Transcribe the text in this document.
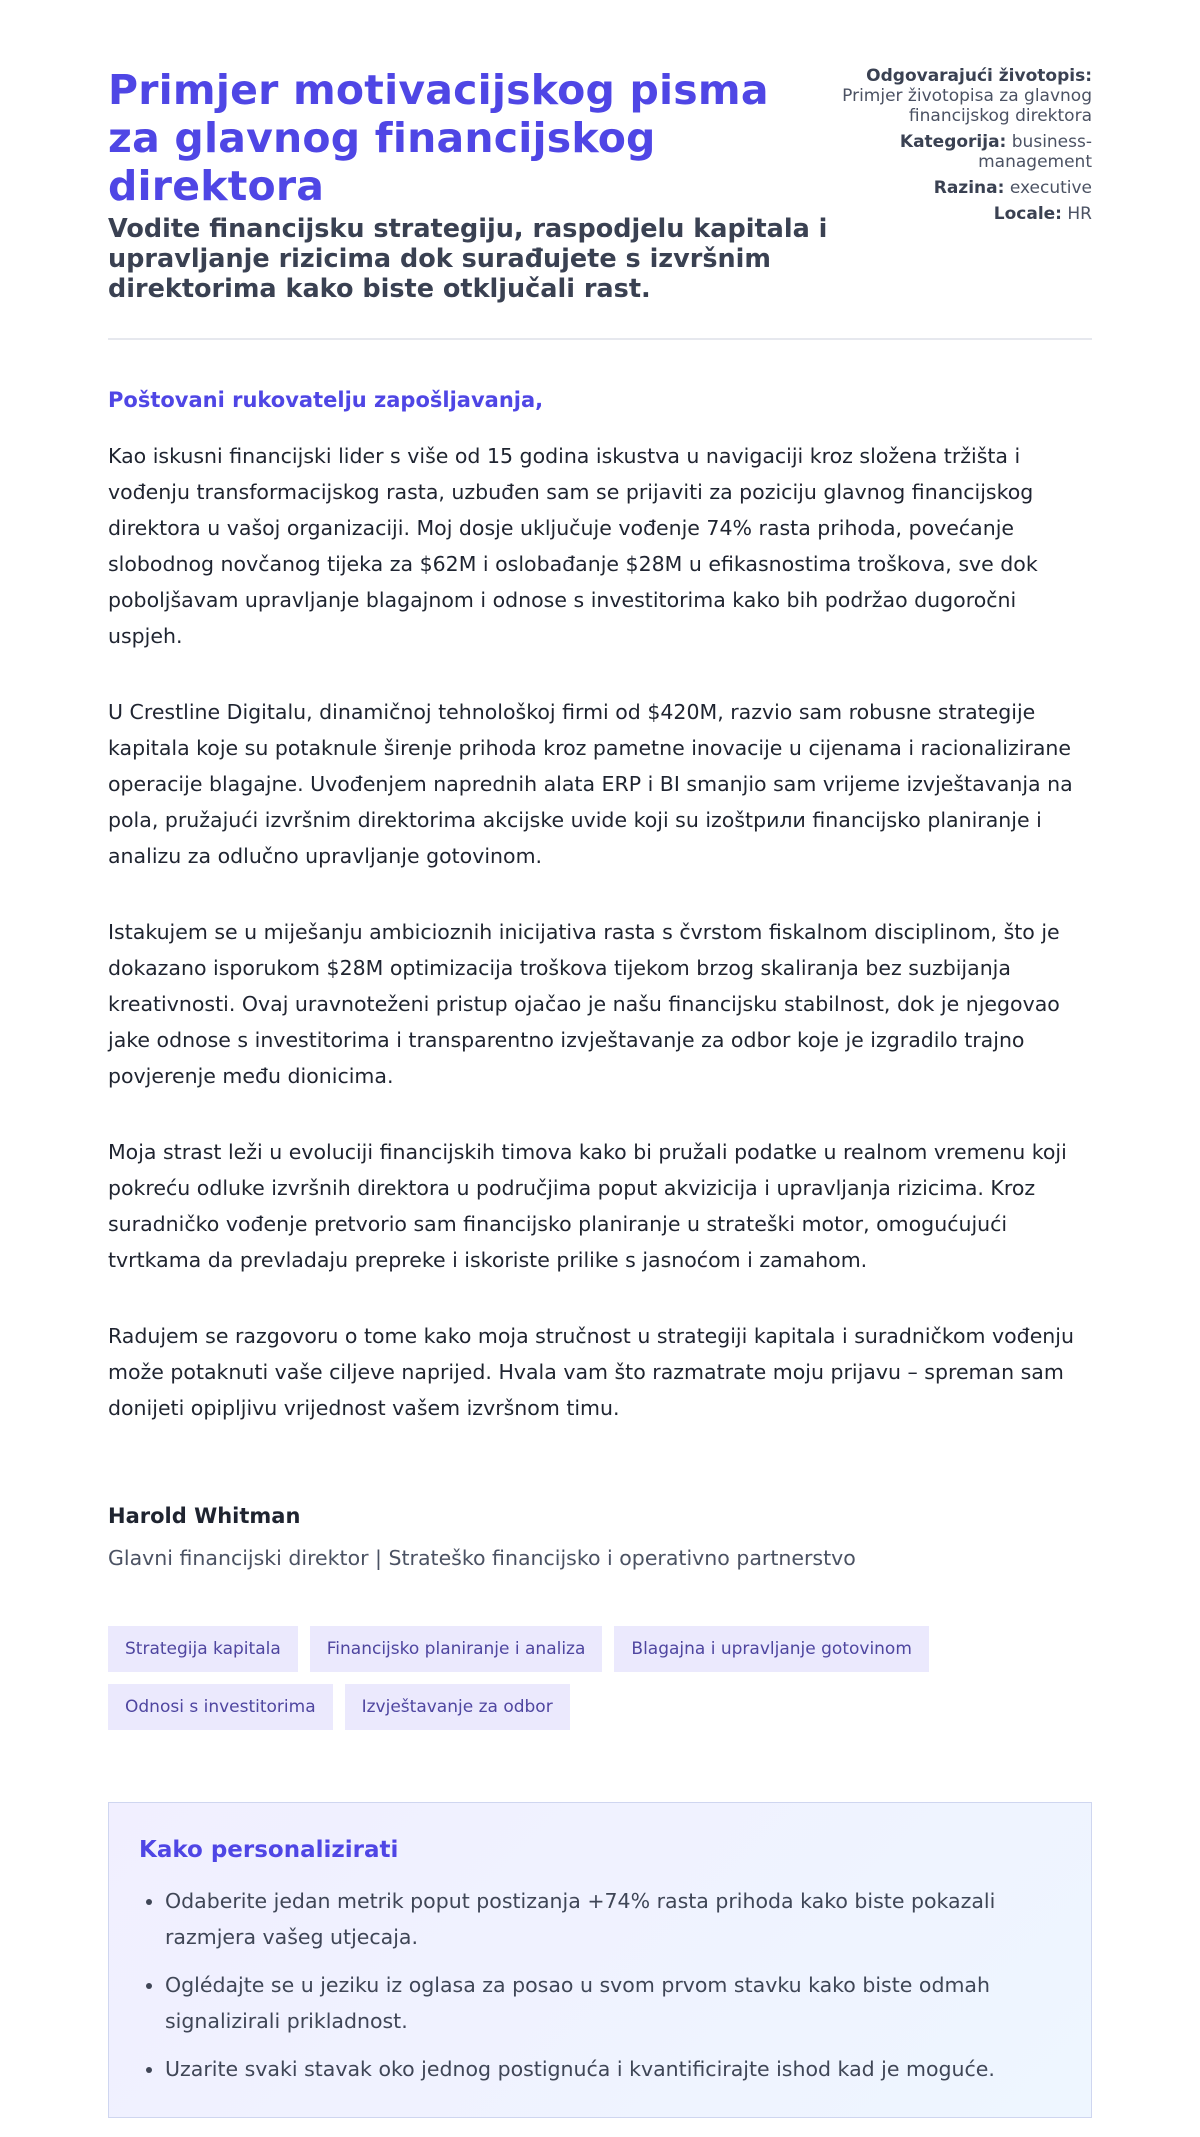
Primjer motivacijskog pisma za glavnog financijskog direktora

Vodite financijsku strategiju, raspodjelu kapitala i upravljanje rizicima dok surađujete s izvršnim direktorima kako biste otključali rast.

Odgovarajući životopis: Primjer životopisa za glavnog financijskog direktora
Kategorija: business-management
Razina: executive
Locale: HR

Poštovani rukovatelju zapošljavanja,

Kao iskusni financijski lider s više od 15 godina iskustva u navigaciji kroz složena tržišta i vođenju transformacijskog rasta, uzbuđen sam se prijaviti za poziciju glavnog financijskog direktora u vašoj organizaciji. Moj dosje uključuje vođenje 74% rasta prihoda, povećanje slobodnog novčanog tijeka za $62M i oslobađanje $28M u efikasnostima troškova, sve dok poboljšavam upravljanje blagajnom i odnose s investitorima kako bih podržao dugoročni uspjeh.

U Crestline Digitalu, dinamičnoj tehnološkoj firmi od $420M, razvio sam robusne strategije kapitala koje su potaknule širenje prihoda kroz pametne inovacije u cijenama i racionalizirane operacije blagajne. Uvođenjem naprednih alata ERP i BI smanjio sam vrijeme izvještavanja na pola, pružajući izvršnim direktorima akcijske uvide koji su izoštрили financijsko planiranje i analizu za odlučno upravljanje gotovinom.

Istakujem se u miješanju ambicioznih inicijativa rasta s čvrstom fiskalnom disciplinom, što je dokazano isporukom $28M optimizacija troškova tijekom brzog skaliranja bez suzbijanja kreativnosti. Ovaj uravnoteženi pristup ojačao je našu financijsku stabilnost, dok je njegovao jake odnose s investitorima i transparentno izvještavanje za odbor koje je izgradilo trajno povjerenje među dionicima.

Moja strast leži u evoluciji financijskih timova kako bi pružali podatke u realnom vremenu koji pokreću odluke izvršnih direktora u područjima poput akvizicija i upravljanja rizicima. Kroz suradničko vođenje pretvorio sam financijsko planiranje u strateški motor, omogućujući tvrtkama da prevladaju prepreke i iskoriste prilike s jasnoćom i zamahom.

Radujem se razgovoru o tome kako moja stručnost u strategiji kapitala i suradničkom vođenju može potaknuti vaše ciljeve naprijed. Hvala vam što razmatrate moju prijavu – spreman sam donijeti opipljivu vrijednost vašem izvršnom timu.

Harold Whitman

Glavni financijski direktor | Strateško financijsko i operativno partnerstvo

Strategija kapitala	Financijsko planiranje i analiza	Blagajna i upravljanje gotovinom
Odnosi s investitorima	Izvještavanje za odbor
Kako personalizirati
• Odaberite jedan metrik poput postizanja +74% rasta prihoda kako biste pokazali razmjera vašeg utjecaja.
• Oglédajte se u jeziku iz oglasa za posao u svom prvom stavku kako biste odmah signalizirali prikladnost.
• Uzarite svaki stavak oko jednog postignuća i kvantificirajte ishod kad je moguće.
